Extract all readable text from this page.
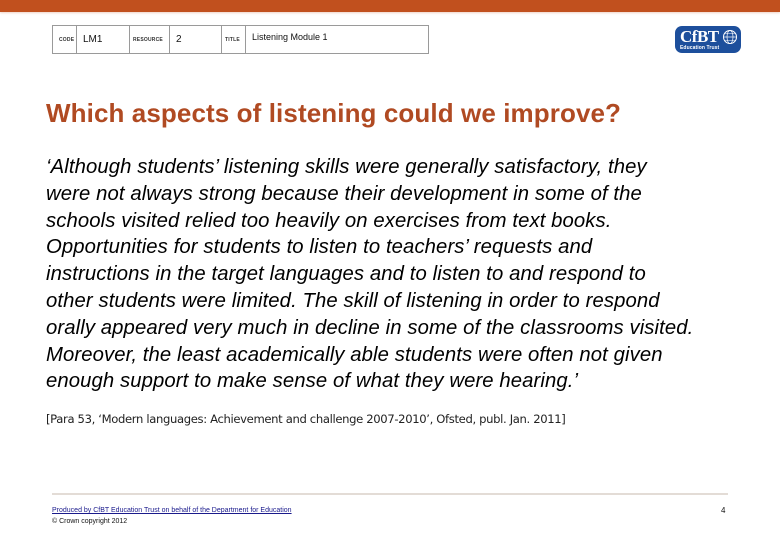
CODE LM1	RESOURCE 2	TITLE Listening Module 1	CfBT
Education Trust
Which aspects of listening could we improve?
‘Although students’ listening skills were generally satisfactory, they
were not always strong because their development in some of the
schools visited relied too heavily on exercises from text books.
Opportunities for students to listen to teachers’ requests and
instructions in the target languages and to listen to and respond to
other students were limited. The skill of listening in order to respond
orally appeared very much in decline in some of the classrooms visited.
Moreover, the least academically able students were often not given
enough support to make sense of what they were hearing.’
[Para 53, ‘Modern languages: Achievement and challenge 2007-2010’, Ofsted, publ. Jan. 2011]
Produced by CfBT Education Trust on behalf of the Department for Education
© Crown copyright 2012
4
